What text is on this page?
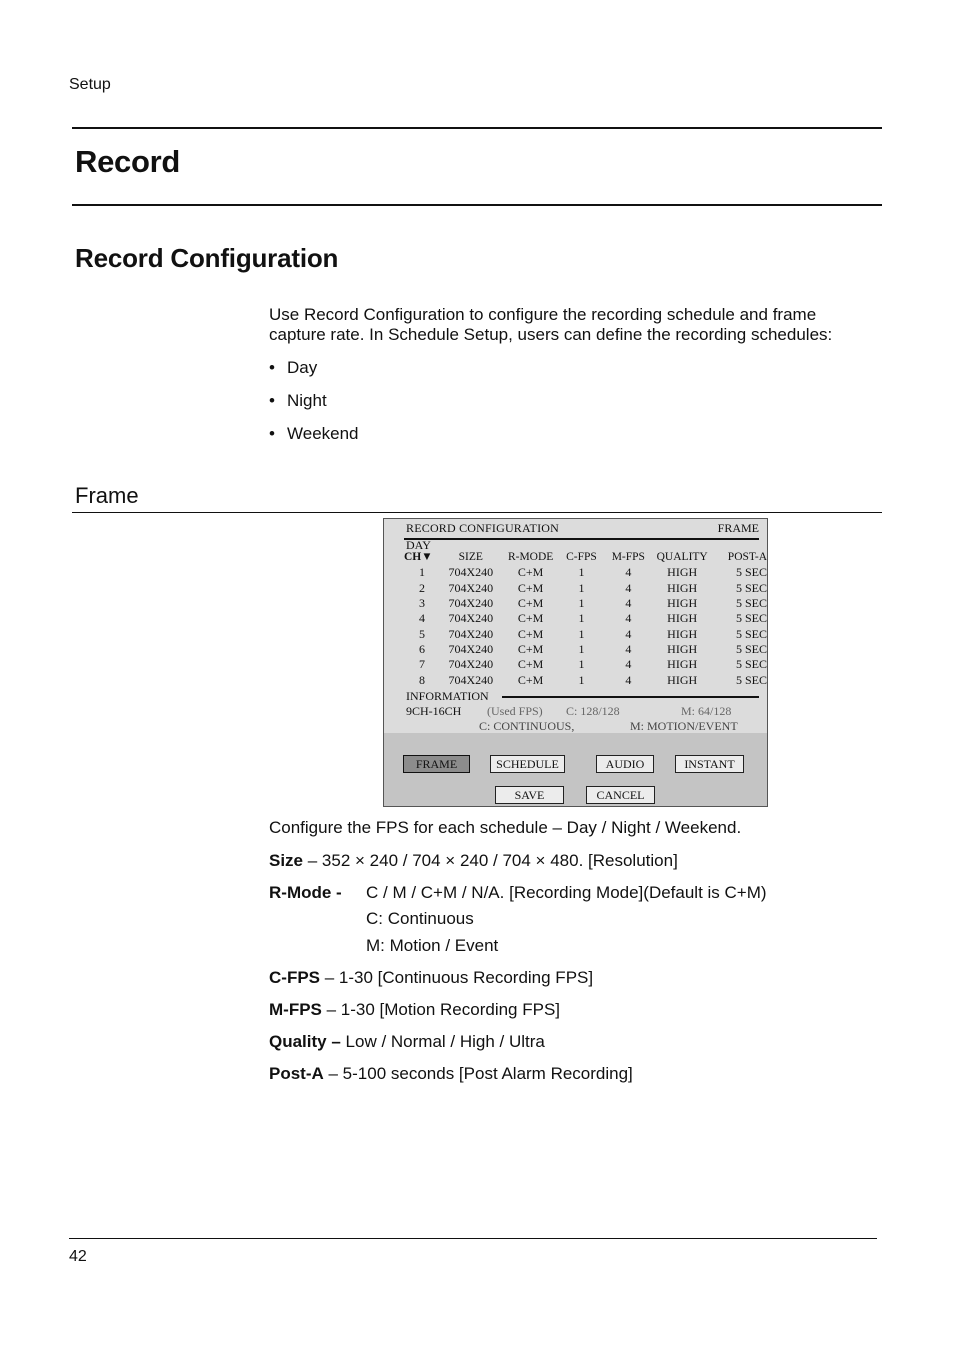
Setup
Record
Record Configuration

Use Record Configuration to configure the recording schedule and frame capture rate. In Schedule Setup, users can define the recording schedules:

• Day
• Night
• Weekend
Frame
RECORD CONFIGURATION	FRAME
DAY
CH▼	SIZE	R-MODE	C-FPS	M-FPS	QUALITY	POST-A
1	704X240	C+M	1	4	HIGH	5 SEC
2	704X240	C+M	1	4	HIGH	5 SEC
3	704X240	C+M	1	4	HIGH	5 SEC
4	704X240	C+M	1	4	HIGH	5 SEC
5	704X240	C+M	1	4	HIGH	5 SEC
6	704X240	C+M	1	4	HIGH	5 SEC
7	704X240	C+M	1	4	HIGH	5 SEC
8	704X240	C+M	1	4	HIGH	5 SEC
INFORMATION
9CH-16CH (Used FPS) C: 128/128	M: 64/128
C: CONTINUOUS,	M: MOTION/EVENT
FRAME	SCHEDULE	AUDIO	INSTANT
SAVE	CANCEL
Configure the FPS for each schedule – Day / Night / Weekend.
Size – 352 × 240 / 704 × 240 / 704 × 480. [Resolution]
R-Mode - C / M / C+M / N/A. [Recording Mode](Default is C+M)
C: Continuous
M: Motion / Event
C-FPS – 1-30 [Continuous Recording FPS]
M-FPS – 1-30 [Motion Recording FPS]
Quality – Low / Normal / High / Ultra
Post-A – 5-100 seconds [Post Alarm Recording]
42
